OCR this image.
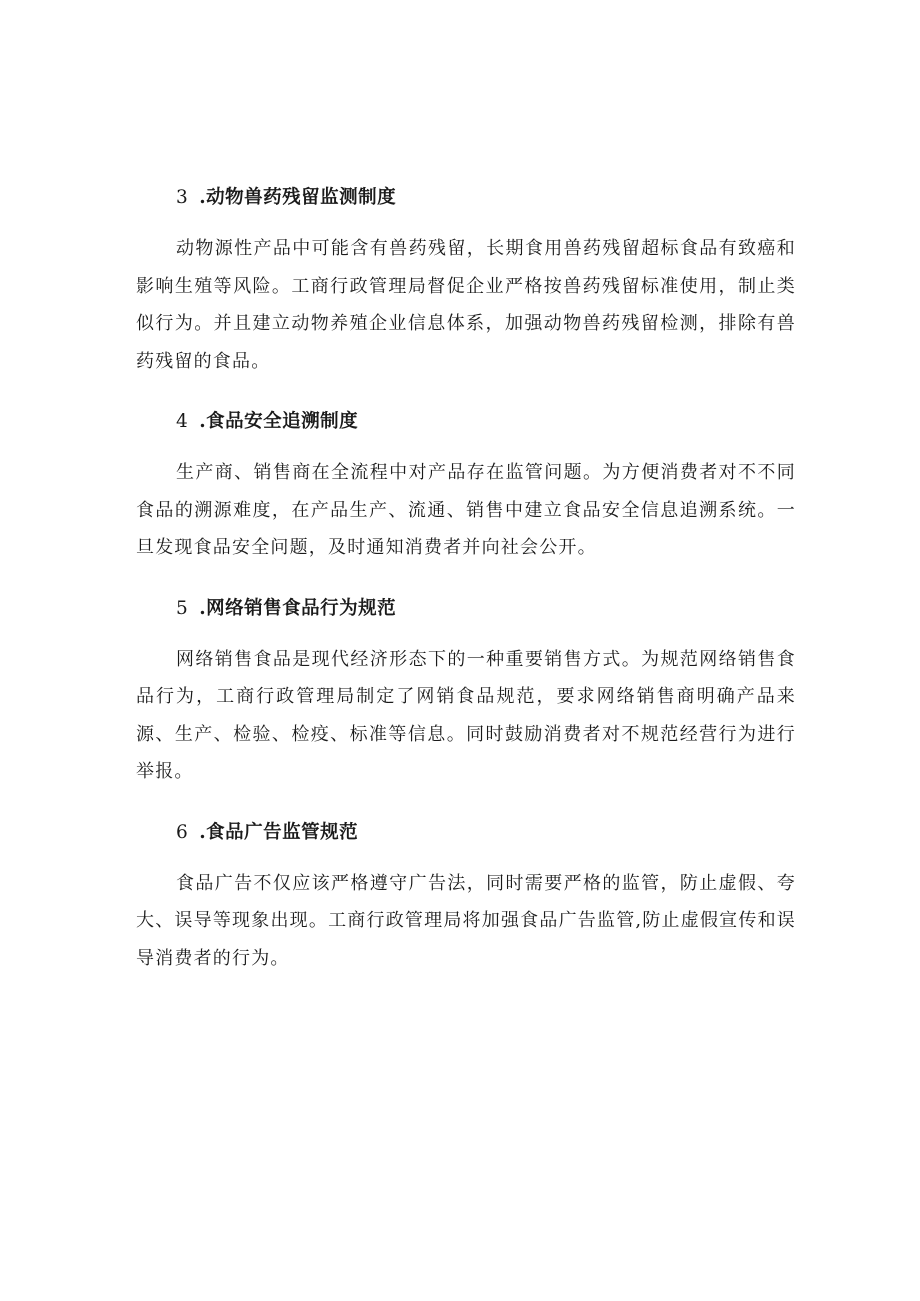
3 .动物兽药残留监测制度

动物源性产品中可能含有兽药残留，长期食用兽药残留超标食品有致癌和影响生殖等风险。工商行政管理局督促企业严格按兽药残留标准使用，制止类似行为。并且建立动物养殖企业信息体系，加强动物兽药残留检测，排除有兽药残留的食品。

4 .食品安全追溯制度

生产商、销售商在全流程中对产品存在监管问题。为方便消费者对不不同食品的溯源难度，在产品生产、流通、销售中建立食品安全信息追溯系统。一旦发现食品安全问题，及时通知消费者并向社会公开。

5 .网络销售食品行为规范

网络销售食品是现代经济形态下的一种重要销售方式。为规范网络销售食品行为，工商行政管理局制定了网销食品规范，要求网络销售商明确产品来源、生产、检验、检疫、标准等信息。同时鼓励消费者对不规范经营行为进行举报。

6 .食品广告监管规范

食品广告不仅应该严格遵守广告法，同时需要严格的监管，防止虚假、夸大、误导等现象出现。工商行政管理局将加强食品广告监管,防止虚假宣传和误导消费者的行为。
